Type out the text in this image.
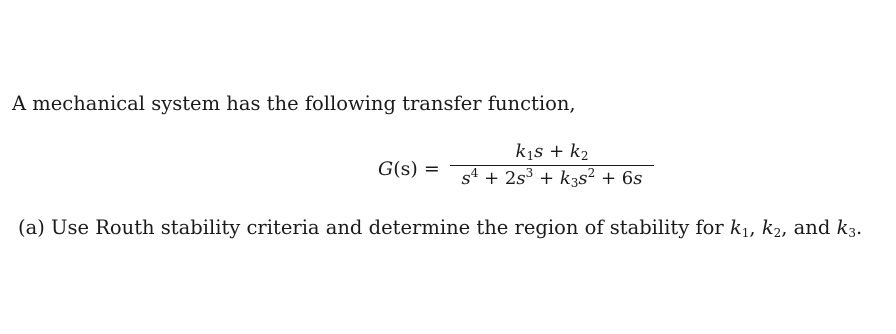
A mechanical system has the following transfer function,
G(s) =
$k_1s + k_2$
$s^4 + 2s^3 + k_3s^2 + 6s$
(a) Use Routh stability criteria and determine the region of stability for $k_1$, $k_2$, and $k_3$.
